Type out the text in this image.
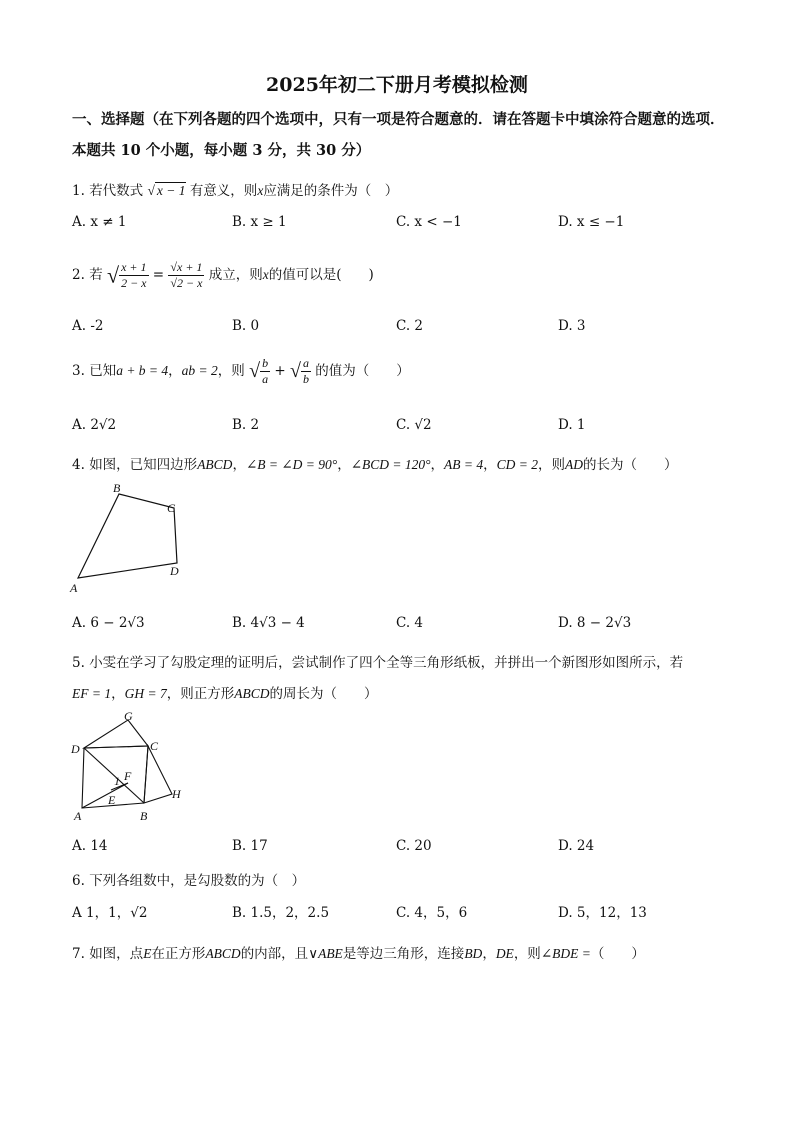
2025年初二下册月考模拟检测
一、选择题（在下列各题的四个选项中，只有一项是符合题意的．请在答题卡中填涂符合题意的选项．本题共 10 个小题，每小题 3 分，共 30 分）
1. 若代数式 √ x − 1 有意义，则x应满足的条件为（　）
A. x ≠ 1	B. x ≥ 1	C. x < −1	D. x ≤ −1
2. 若 √ $\frac{x + 1}{2 - x} = \frac{√x + 1}{√2 - x}$ 成立，则x的值可以是(　　)
A. -2	B. 0	C. 2	D. 3
3. 已知a + b = 4，ab = 2，则 √ $\frac{b}{a}$ + √ $\frac{a}{b}$ 的值为（　　）
A. 2√2	B. 2	C. √2	D. 1
4. 如图，已知四边形ABCD，∠B = ∠D = 90°，∠BCD = 120°，AB = 4，CD = 2，则AD的长为（　　）
A
B
C
D
A. 6 − 2√3	B. 4√3 − 4	C. 4	D. 8 − 2√3
5. 小雯在学习了勾股定理的证明后，尝试制作了四个全等三角形纸板，并拼出一个新图形如图所示，若
EF = 1，GH = 7，则正方形ABCD的周长为（　　）
A	B
C
D
E
F
G
H
1
A. 14	B. 17	C. 20	D. 24
6. 下列各组数中，是勾股数的为（　）
A 1，1，√2	B. 1.5，2，2.5	C. 4，5，6	D. 5，12，13
7. 如图，点E在正方形ABCD的内部，且∨ABE是等边三角形，连接BD，DE，则∠BDE =（　　）
